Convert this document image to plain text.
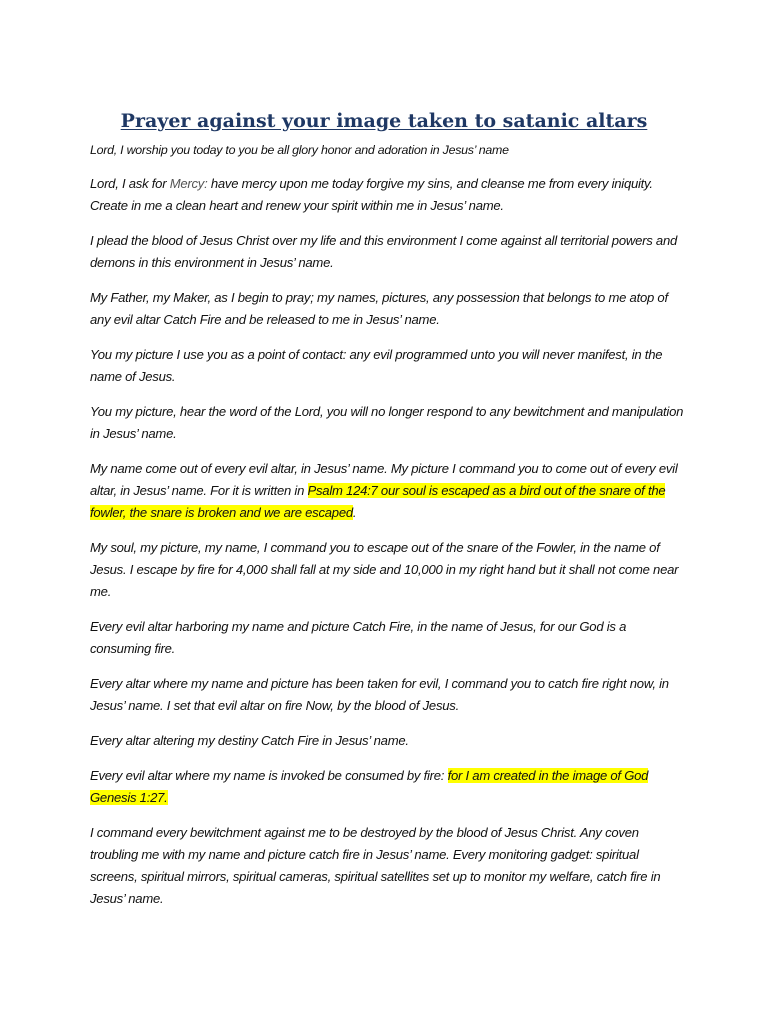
Prayer against your image taken to satanic altars

Lord, I worship you today to you be all glory honor and adoration in Jesus’ name

Lord, I ask for Mercy: have mercy upon me today forgive my sins, and cleanse me from every iniquity. Create in me a clean heart and renew your spirit within me in Jesus’ name.

I plead the blood of Jesus Christ over my life and this environment I come against all territorial powers and demons in this environment in Jesus’ name.

My Father, my Maker, as I begin to pray; my names, pictures, any possession that belongs to me atop of any evil altar Catch Fire and be released to me in Jesus’ name.

You my picture I use you as a point of contact: any evil programmed unto you will never manifest, in the name of Jesus.

You my picture, hear the word of the Lord, you will no longer respond to any bewitchment and manipulation in Jesus’ name.

My name come out of every evil altar, in Jesus’ name. My picture I command you to come out of every evil altar, in Jesus’ name. For it is written in Psalm 124:7 our soul is escaped as a bird out of the snare of the fowler, the snare is broken and we are escaped.

My soul, my picture, my name, I command you to escape out of the snare of the Fowler, in the name of Jesus. I escape by fire for 4,000 shall fall at my side and 10,000 in my right hand but it shall not come near me.

Every evil altar harboring my name and picture Catch Fire, in the name of Jesus, for our God is a consuming fire.

Every altar where my name and picture has been taken for evil, I command you to catch fire right now, in Jesus’ name. I set that evil altar on fire Now, by the blood of Jesus.

Every altar altering my destiny Catch Fire in Jesus’ name.

Every evil altar where my name is invoked be consumed by fire: for I am created in the image of God Genesis 1:27.

I command every bewitchment against me to be destroyed by the blood of Jesus Christ. Any coven troubling me with my name and picture catch fire in Jesus’ name. Every monitoring gadget: spiritual screens, spiritual mirrors, spiritual cameras, spiritual satellites set up to monitor my welfare, catch fire in Jesus’ name.
